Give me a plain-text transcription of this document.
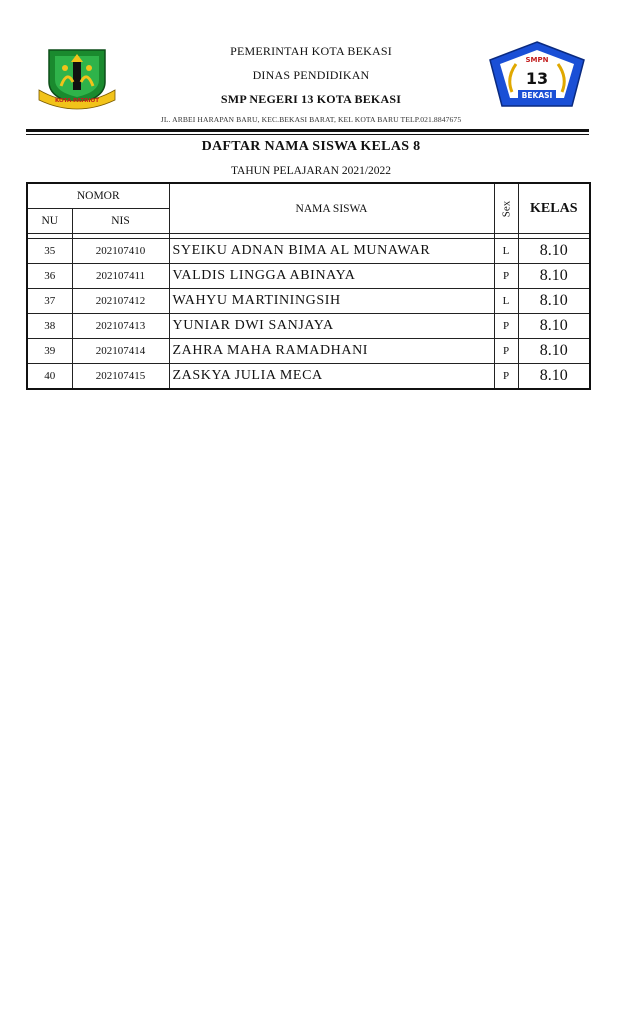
KOTA PATRIOT
PEMERINTAH KOTA BEKASI
DINAS PENDIDIKAN
SMP NEGERI 13 KOTA BEKASI
SMPN
13
BEKASI
JL. ARBEI HARAPAN BARU, KEC.BEKASI BARAT, KEL KOTA BARU TELP.021.8847675
DAFTAR NAMA SISWA KELAS 8
TAHUN PELAJARAN 2021/2022
NOMOR		NAMA SISWA	Sex	KELAS
NU	NIS			

35	202107410	SYEIKU ADNAN BIMA AL MUNAWAR	L	8.10
36	202107411	VALDIS LINGGA ABINAYA	P	8.10
37	202107412	WAHYU MARTININGSIH	L	8.10
38	202107413	YUNIAR DWI SANJAYA	P	8.10
39	202107414	ZAHRA MAHA RAMADHANI	P	8.10
40	202107415	ZASKYA JULIA MECA	P	8.10
